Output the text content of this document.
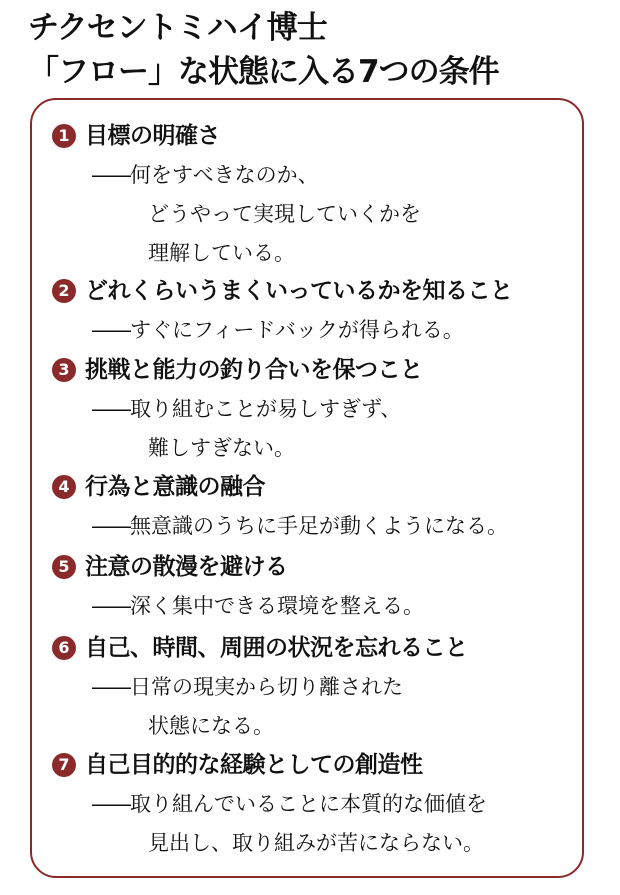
チクセントミハイ博士
「フロー」な状態に入る7つの条件
1 目標の明確さ
――何をすべきなのか、
どうやって実現していくかを
理解している。
2 どれくらいうまくいっているかを知ること
――すぐにフィードバックが得られる。
3 挑戦と能力の釣り合いを保つこと
――取り組むことが易しすぎず、
難しすぎない。
4 行為と意識の融合
――無意識のうちに手足が動くようになる。
5 注意の散漫を避ける
――深く集中できる環境を整える。
6 自己、時間、周囲の状況を忘れること
――日常の現実から切り離された
状態になる。
7 自己目的的な経験としての創造性
――取り組んでいることに本質的な価値を
見出し、取り組みが苦にならない。
